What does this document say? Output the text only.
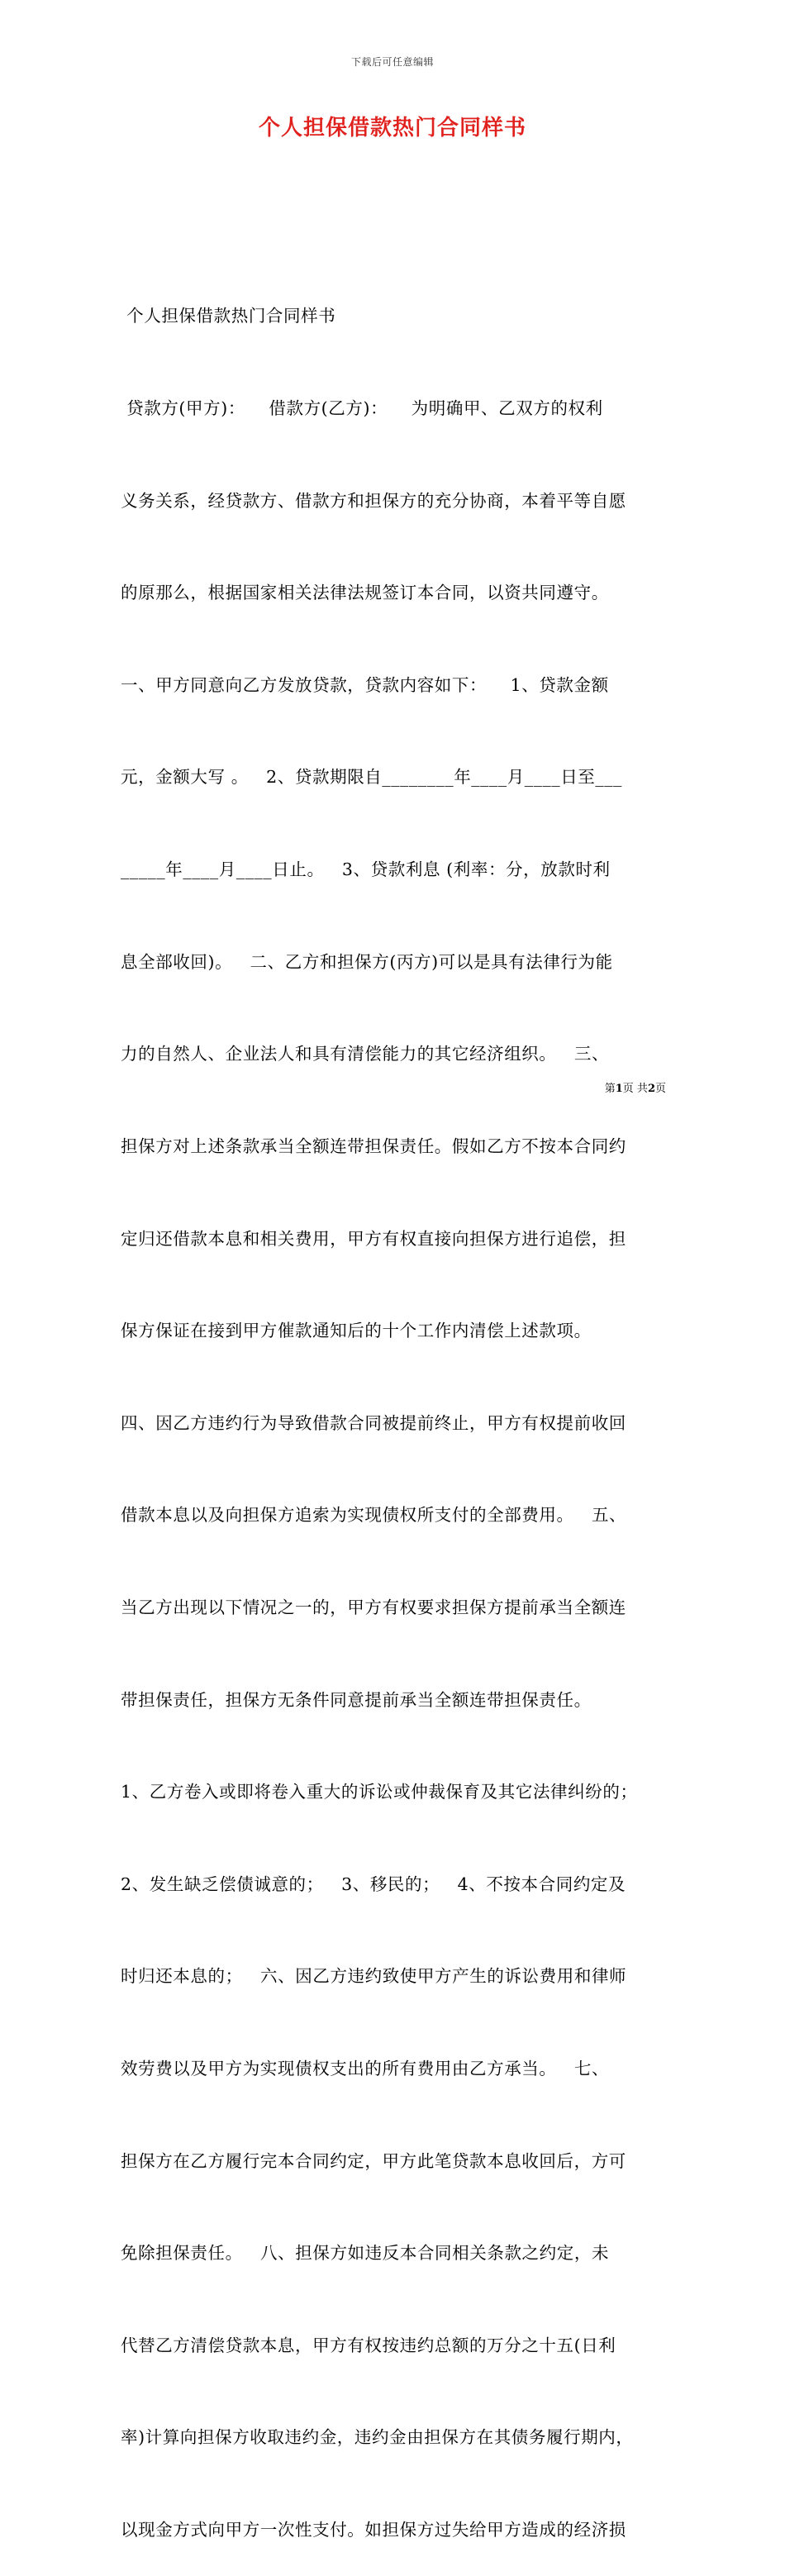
下载后可任意编辑
个人担保借款热门合同样书

个人担保借款热门合同样书

贷款方(甲方)：    借款方(乙方)：    为明确甲、乙双方的权利

义务关系，经贷款方、借款方和担保方的充分协商，本着平等自愿

的原那么，根据国家相关法律法规签订本合同，以资共同遵守。

一、甲方同意向乙方发放贷款，贷款内容如下：    1、贷款金额

元，金额大写 。   2、贷款期限自________年____月____日至___

_____年____月____日止。   3、贷款利息 (利率：分，放款时利

息全部收回)。   二、乙方和担保方(丙方)可以是具有法律行为能

力的自然人、企业法人和具有清偿能力的其它经济组织。   三、

担保方对上述条款承当全额连带担保责任。假如乙方不按本合同约

定归还借款本息和相关费用，甲方有权直接向担保方进行追偿，担

保方保证在接到甲方催款通知后的十个工作内清偿上述款项。

四、因乙方违约行为导致借款合同被提前终止，甲方有权提前收回

借款本息以及向担保方追索为实现债权所支付的全部费用。   五、

当乙方出现以下情况之一的，甲方有权要求担保方提前承当全额连

带担保责任，担保方无条件同意提前承当全额连带担保责任。

1、乙方卷入或即将卷入重大的诉讼或仲裁保育及其它法律纠纷的；

2、发生缺乏偿债诚意的；   3、移民的；   4、不按本合同约定及

时归还本息的；   六、因乙方违约致使甲方产生的诉讼费用和律师

效劳费以及甲方为实现债权支出的所有费用由乙方承当。   七、

担保方在乙方履行完本合同约定，甲方此笔贷款本息收回后，方可

免除担保责任。   八、担保方如违反本合同相关条款之约定，未

代替乙方清偿贷款本息，甲方有权按违约总额的万分之十五(日利

率)计算向担保方收取违约金，违约金由担保方在其债务履行期内，

以现金方式向甲方一次性支付。如担保方过失给甲方造成的经济损

第1页 共2页
